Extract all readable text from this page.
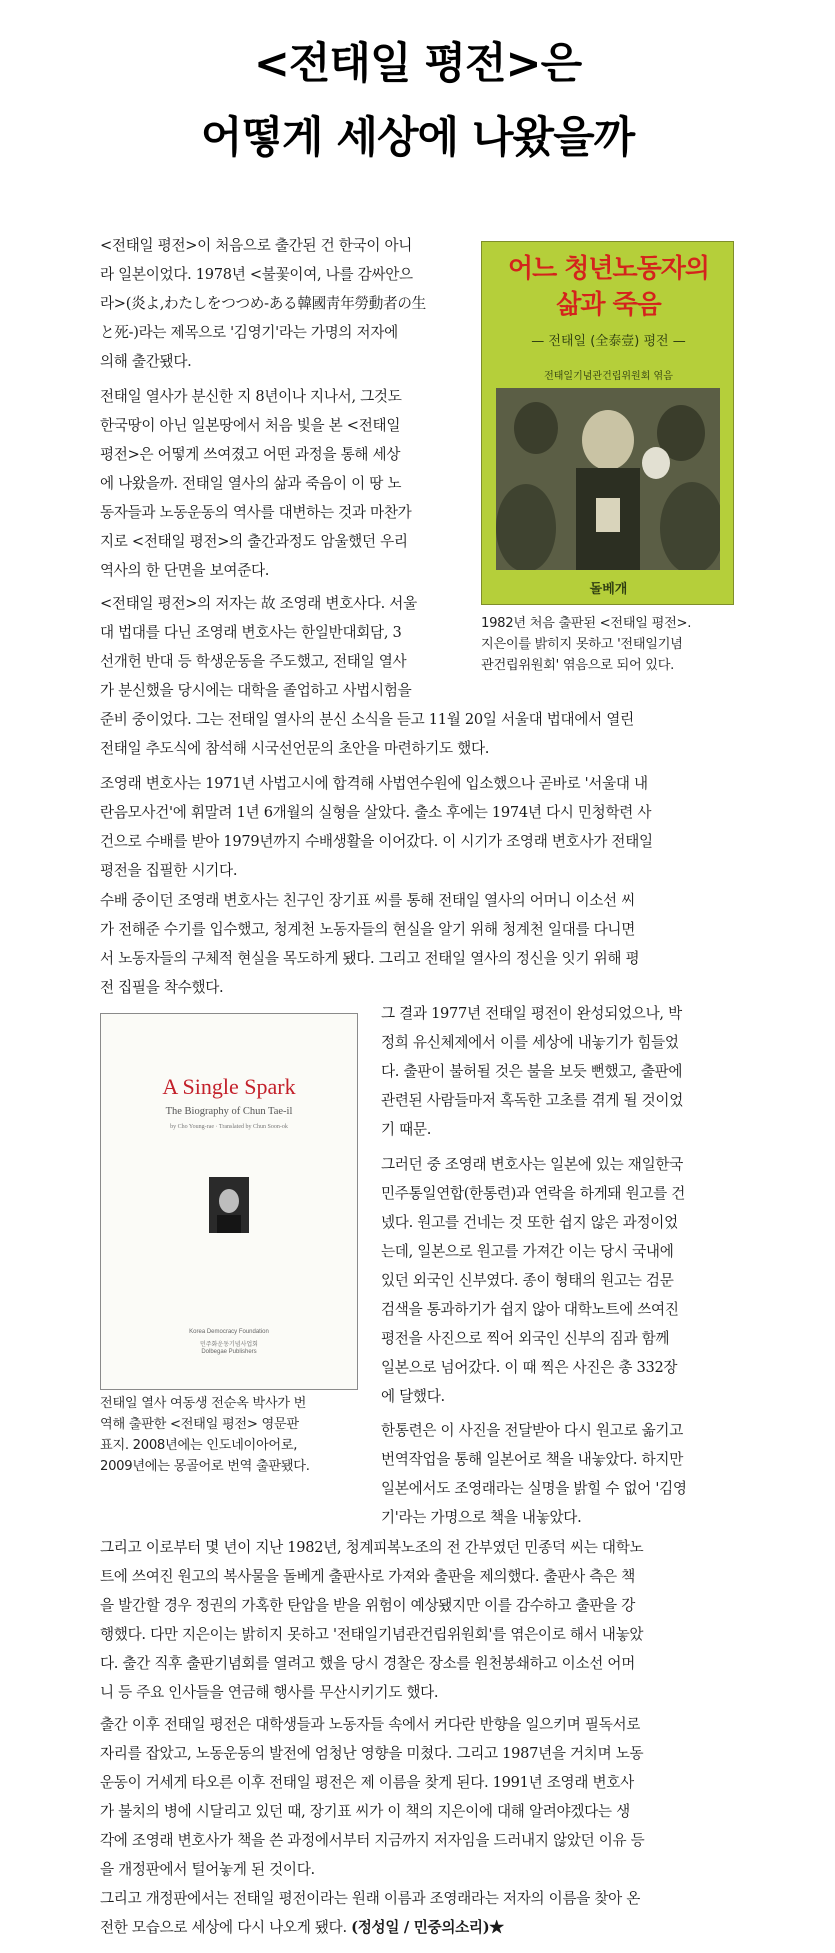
<전태일 평전>은
어떻게 세상에 나왔을까
어느 청년노동자의
삶과 죽음
— 전태일 (全泰壹) 평전 —
전태일기념관건립위원회 엮음
돌베개
1982년 처음 출판된 <전태일 평전>.
지은이를 밝히지 못하고 '전태일기념
관건립위원회' 엮음으로 되어 있다.
<전태일 평전>이 처음으로 출간된 건 한국이 아니
라 일본이었다. 1978년 <불꽃이여, 나를 감싸안으
라>(炎よ,わたしをつつめ-ある韓國靑年勞動者の生
と死-)라는 제목으로 '김영기'라는 가명의 저자에
의해 출간됐다.
전태일 열사가 분신한 지 8년이나 지나서, 그것도
한국땅이 아닌 일본땅에서 처음 빛을 본 <전태일
평전>은 어떻게 쓰여졌고 어떤 과정을 통해 세상
에 나왔을까. 전태일 열사의 삶과 죽음이 이 땅 노
동자들과 노동운동의 역사를 대변하는 것과 마찬가
지로 <전태일 평전>의 출간과정도 암울했던 우리
역사의 한 단면을 보여준다.
<전태일 평전>의 저자는 故 조영래 변호사다. 서울
대 법대를 다닌 조영래 변호사는 한일반대회담, 3
선개헌 반대 등 학생운동을 주도했고, 전태일 열사
가 분신했을 당시에는 대학을 졸업하고 사법시험을
준비 중이었다. 그는 전태일 열사의 분신 소식을 듣고 11월 20일 서울대 법대에서 열린
전태일 추도식에 참석해 시국선언문의 초안을 마련하기도 했다.
조영래 변호사는 1971년 사법고시에 합격해 사법연수원에 입소했으나 곧바로 '서울대 내
란음모사건'에 휘말려 1년 6개월의 실형을 살았다. 출소 후에는 1974년 다시 민청학련 사
건으로 수배를 받아 1979년까지 수배생활을 이어갔다. 이 시기가 조영래 변호사가 전태일
평전을 집필한 시기다.
수배 중이던 조영래 변호사는 친구인 장기표 씨를 통해 전태일 열사의 어머니 이소선 씨
가 전해준 수기를 입수했고, 청계천 노동자들의 현실을 알기 위해 청계천 일대를 다니면
서 노동자들의 구체적 현실을 목도하게 됐다. 그리고 전태일 열사의 정신을 잇기 위해 평
전 집필을 착수했다.
A Single Spark
The Biography of Chun Tae-il
by Cho Young-rae · Translated by Chun Soon-ok
Korea Democracy Foundation
민주화운동기념사업회
Dolbegae Publishers
전태일 열사 여동생 전순옥 박사가 번
역해 출판한 <전태일 평전> 영문판
표지. 2008년에는 인도네이아어로,
2009년에는 몽골어로 번역 출판됐다.
그 결과 1977년 전태일 평전이 완성되었으나, 박
정희 유신체제에서 이를 세상에 내놓기가 힘들었
다. 출판이 불허될 것은 불을 보듯 뻔했고, 출판에
관련된 사람들마저 혹독한 고초를 겪게 될 것이었
기 때문.
그러던 중 조영래 변호사는 일본에 있는 재일한국
민주통일연합(한통련)과 연락을 하게돼 원고를 건
넸다. 원고를 건네는 것 또한 쉽지 않은 과정이었
는데, 일본으로 원고를 가져간 이는 당시 국내에
있던 외국인 신부였다. 종이 형태의 원고는 검문
검색을 통과하기가 쉽지 않아 대학노트에 쓰여진
평전을 사진으로 찍어 외국인 신부의 짐과 함께
일본으로 넘어갔다. 이 때 찍은 사진은 총 332장
에 달했다.
한통련은 이 사진을 전달받아 다시 원고로 옮기고
번역작업을 통해 일본어로 책을 내놓았다. 하지만
일본에서도 조영래라는 실명을 밝힐 수 없어 '김영
기'라는 가명으로 책을 내놓았다.
그리고 이로부터 몇 년이 지난 1982년, 청계피복노조의 전 간부였던 민종덕 씨는 대학노
트에 쓰여진 원고의 복사물을 돌베게 출판사로 가져와 출판을 제의했다. 출판사 측은 책
을 발간할 경우 정권의 가혹한 탄압을 받을 위험이 예상됐지만 이를 감수하고 출판을 강
행했다. 다만 지은이는 밝히지 못하고 '전태일기념관건립위원회'를 엮은이로 해서 내놓았
다. 출간 직후 출판기념회를 열려고 했을 당시 경찰은 장소를 원천봉쇄하고 이소선 어머
니 등 주요 인사들을 연금해 행사를 무산시키기도 했다.
출간 이후 전태일 평전은 대학생들과 노동자들 속에서 커다란 반향을 일으키며 필독서로
자리를 잡았고, 노동운동의 발전에 엄청난 영향을 미쳤다. 그리고 1987년을 거치며 노동
운동이 거세게 타오른 이후 전태일 평전은 제 이름을 찾게 된다. 1991년 조영래 변호사
가 불치의 병에 시달리고 있던 때, 장기표 씨가 이 책의 지은이에 대해 알려야겠다는 생
각에 조영래 변호사가 책을 쓴 과정에서부터 지금까지 저자임을 드러내지 않았던 이유 등
을 개정판에서 털어놓게 된 것이다.
그리고 개정판에서는 전태일 평전이라는 원래 이름과 조영래라는 저자의 이름을 찾아 온
전한 모습으로 세상에 다시 나오게 됐다. (정성일 / 민중의소리)★
